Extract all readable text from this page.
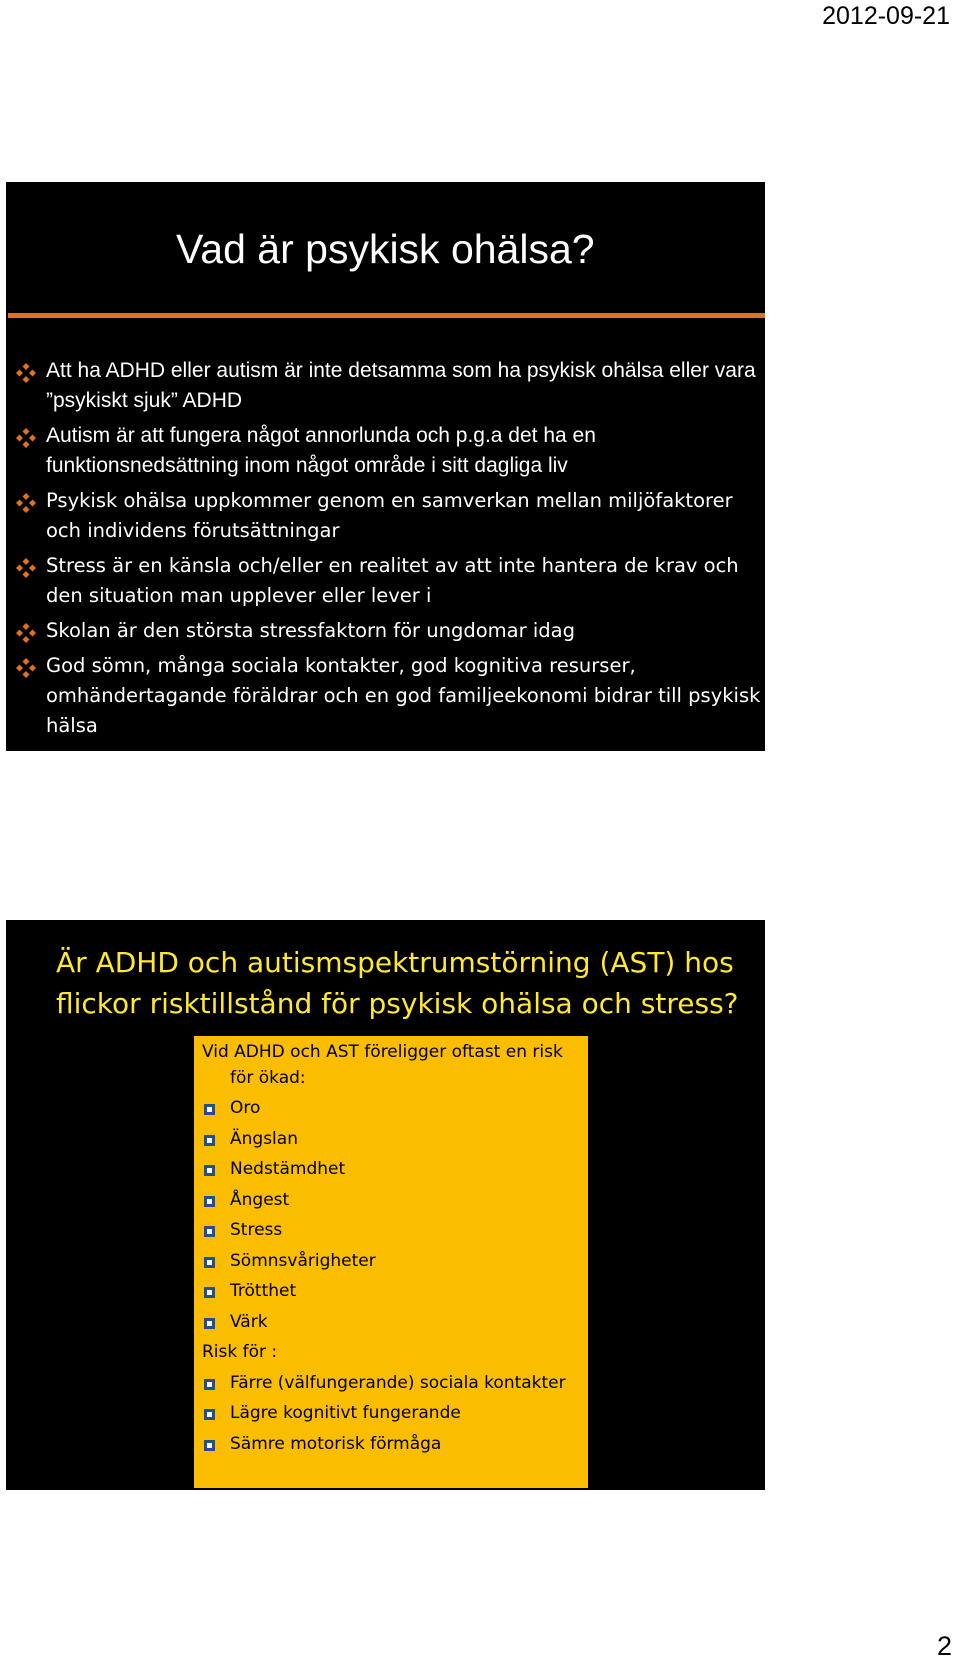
2012-09-21
Vad är psykisk ohälsa?
Att ha ADHD eller autism är inte detsamma som ha psykisk ohälsa eller vara ”psykiskt sjuk” ADHD
Autism är att fungera något annorlunda och p.g.a det ha en funktionsnedsättning inom något område i sitt dagliga liv
Psykisk ohälsa uppkommer genom en samverkan mellan miljöfaktorer och individens förutsättningar
Stress är en känsla och/eller en realitet av att inte hantera de krav och den situation man upplever eller lever i
Skolan är den största stressfaktorn för ungdomar idag
God sömn, många sociala kontakter, god kognitiva resurser, omhändertagande föräldrar och en god familjeekonomi bidrar till psykisk hälsa
Är ADHD och autismspektrumstörning (AST) hos flickor risktillstånd för psykisk ohälsa och stress?
Vid ADHD och AST föreligger oftast en risk
för ökad:
Oro
Ängslan
Nedstämdhet
Ångest
Stress
Sömnsvårigheter
Trötthet
Värk
Risk för :
Färre (välfungerande) sociala kontakter
Lägre kognitivt fungerande
Sämre motorisk förmåga
2
